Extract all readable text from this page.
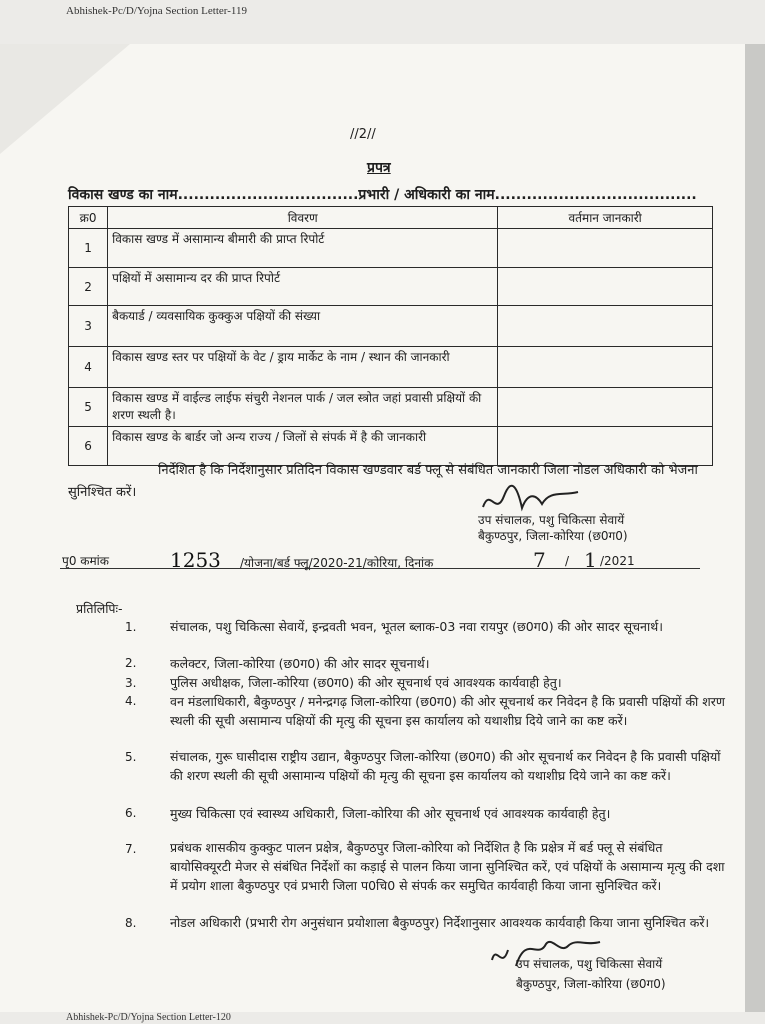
Abhishek-Pc/D/Yojna Section Letter-119
//2//
प्रपत्र
विकास खण्ड का नाम..................................प्रभारी / अधिकारी का नाम......................................
क्र0	विवरण	वर्तमान जानकारी
1	विकास खण्ड में असामान्य बीमारी की प्राप्त रिपोर्ट	
2	पक्षियों में असामान्य दर की प्राप्त रिपोर्ट	
3	बैकयार्ड / व्यवसायिक कुक्कुअ पक्षियों की संख्या	
4	विकास खण्ड स्तर पर पक्षियों के वेट / ड्राय मार्केट के नाम / स्थान की जानकारी	
5	विकास खण्ड में वाईल्ड लाईफ संचुरी नेशनल पार्क / जल स्त्रोत जहां प्रवासी प्रक्षियों की शरण स्थली है।	
6	विकास खण्ड के बार्डर जो अन्य राज्य / जिलों से संपर्क में है की जानकारी	
निर्देशित है कि निर्देशानुसार प्रतिदिन विकास खण्डवार बर्ड फ्लू से संबंधित जानकारी जिला नोडल अधिकारी को भेजना सुनिश्चित करें।
उप संचालक, पशु चिकित्सा सेवायें
बैकुण्ठपुर, जिला-कोरिया (छ0ग0)
पृ0 कमांक	1253 /योजना/बर्ड फ्लू/2020-21/कोरिया, दिनांक	7 / 1 /2021
प्रतिलिपिः-
1.	संचालक, पशु चिकित्सा सेवायें, इन्द्रवती भवन, भूतल ब्लाक-03 नवा रायपुर (छ0ग0) की ओर सादर सूचनार्थ।
2.	कलेक्टर, जिला-कोरिया (छ0ग0) की ओर सादर सूचनार्थ।
3.	पुलिस अधीक्षक, जिला-कोरिया (छ0ग0) की ओर सूचनार्थ एवं आवश्यक कार्यवाही हेतु।
4.	वन मंडलाधिकारी, बैकुण्ठपुर / मनेन्द्रगढ़ जिला-कोरिया (छ0ग0) की ओर सूचनार्थ कर निवेदन है कि प्रवासी पक्षियों की शरण स्थली की सूची असामान्य पक्षियों की मृत्यु की सूचना इस कार्यालय को यथाशीघ्र दिये जाने का कष्ट करें।
5.	संचालक, गुरू घासीदास राष्ट्रीय उद्यान, बैकुण्ठपुर जिला-कोरिया (छ0ग0) की ओर सूचनार्थ कर निवेदन है कि प्रवासी पक्षियों की शरण स्थली की सूची असामान्य पक्षियों की मृत्यु की सूचना इस कार्यालय को यथाशीघ्र दिये जाने का कष्ट करें।
6.	मुख्य चिकित्सा एवं स्वास्थ्य अधिकारी, जिला-कोरिया की ओर सूचनार्थ एवं आवश्यक कार्यवाही हेतु।
7.	प्रबंधक शासकीय कुक्कुट पालन प्रक्षेत्र, बैकुण्ठपुर जिला-कोरिया को निर्देशित है कि प्रक्षेत्र में बर्ड फ्लू से संबंधित बायोसिक्यूरटी मेजर से संबंधित निर्देशों का कड़ाई से पालन किया जाना सुनिश्चित करें, एवं पक्षियों के असामान्य मृत्यु की दशा में प्रयोग शाला बैकुण्ठपुर एवं प्रभारी जिला प0चि0 से संपर्क कर समुचित कार्यवाही किया जाना सुनिश्चित करें।
8.	नोडल अधिकारी (प्रभारी रोग अनुसंधान प्रयोशाला बैकुण्ठपुर) निर्देशानुसार आवश्यक कार्यवाही किया जाना सुनिश्चित करें।
उप संचालक, पशु चिकित्सा सेवायें
बैकुण्ठपुर, जिला-कोरिया (छ0ग0)
Abhishek-Pc/D/Yojna Section Letter-120
